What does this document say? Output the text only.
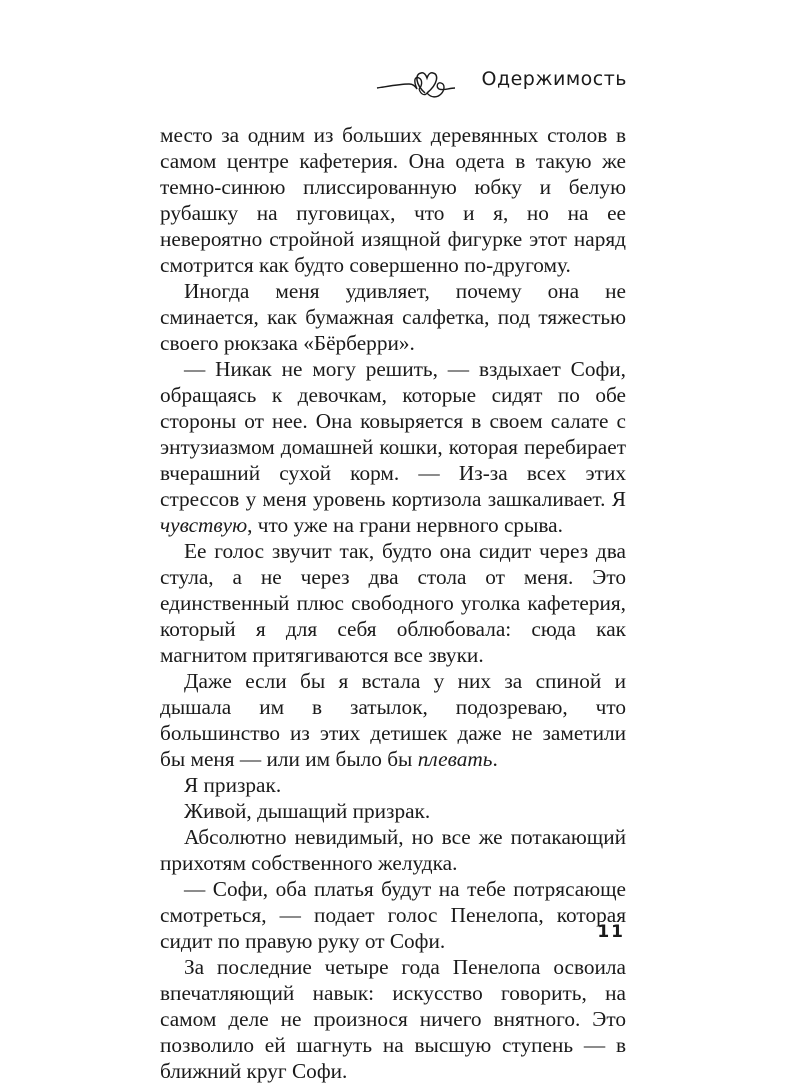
Одержимость

место за одним из больших деревянных столов в самом центре кафетерия. Она одета в такую же темно-синюю плиссированную юбку и белую рубашку на пуговицах, что и я, но на ее невероятно стройной изящной фигурке этот наряд смотрится как будто совершенно по-другому.

Иногда меня удивляет, почему она не сминается, как бумажная салфетка, под тяжестью своего рюкзака «Бёрберри».

— Никак не могу решить, — вздыхает Софи, обращаясь к девочкам, которые сидят по обе стороны от нее. Она ковыряется в своем салате с энтузиазмом домашней кошки, которая перебирает вчерашний сухой корм. — Из-за всех этих стрессов у меня уровень кортизола зашкаливает. Я чувствую, что уже на грани нервного срыва.

Ее голос звучит так, будто она сидит через два стула, а не через два стола от меня. Это единственный плюс свободного уголка кафетерия, который я для себя облюбовала: сюда как магнитом притягиваются все звуки.

Даже если бы я встала у них за спиной и дышала им в затылок, подозреваю, что большинство из этих детишек даже не заметили бы меня — или им было бы плевать.

Я призрак.

Живой, дышащий призрак.

Абсолютно невидимый, но все же потакающий прихотям собственного желудка.

— Софи, оба платья будут на тебе потрясающе смотреться, — подает голос Пенелопа, которая сидит по правую руку от Софи.

За последние четыре года Пенелопа освоила впечатляющий навык: искусство говорить, на самом деле не произнося ничего внятного. Это позволило ей шагнуть на высшую ступень — в ближний круг Софи.

11
